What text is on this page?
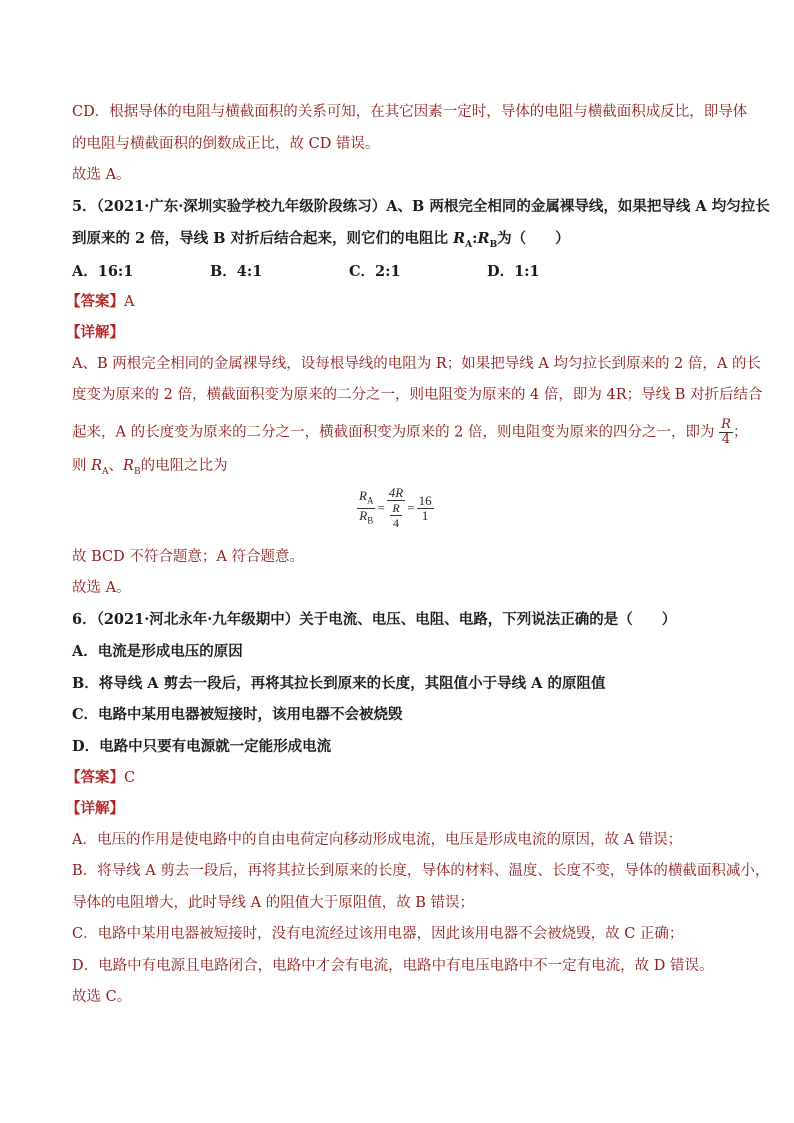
CD．根据导体的电阻与横截面积的关系可知，在其它因素一定时，导体的电阻与横截面积成反比，即导体

的电阻与横截面积的倒数成正比，故 CD 错误。

故选 A。

5．（2021·广东·深圳实验学校九年级阶段练习）A、B 两根完全相同的金属裸导线，如果把导线 A 均匀拉长

到原来的 2 倍，导线 B 对折后结合起来，则它们的电阻比 $R_A:R_B$为（　　）

A．16:1	B．4:1	C．2:1	D．1:1

【答案】A

【详解】

A、B 两根完全相同的金属裸导线，设每根导线的电阻为 R；如果把导线 A 均匀拉长到原来的 2 倍，A 的长

度变为原来的 2 倍，横截面积变为原来的二分之一，则电阻变为原来的 4 倍，即为 4R；导线 B 对折后结合

起来，A 的长度变为原来的二分之一，横截面积变为原来的 2 倍，则电阻变为原来的四分之一，即为 $\frac{R}{4}$ ；

则 $R_A$、$R_B$的电阻之比为

$\frac{R_A}{R_B} = \frac{4R}{\frac{R}{4}} = \frac{16}{1}$

故 BCD 不符合题意；A 符合题意。

故选 A。

6．（2021·河北永年·九年级期中）关于电流、电压、电阻、电路，下列说法正确的是（　　）

A．电流是形成电压的原因

B．将导线 A 剪去一段后，再将其拉长到原来的长度，其阻值小于导线 A 的原阻值

C．电路中某用电器被短接时，该用电器不会被烧毁

D．电路中只要有电源就一定能形成电流

【答案】C

【详解】

A．电压的作用是使电路中的自由电荷定向移动形成电流，电压是形成电流的原因，故 A 错误；

B．将导线 A 剪去一段后，再将其拉长到原来的长度，导体的材料、温度、长度不变，导体的横截面积减小，

导体的电阻增大，此时导线 A 的阻值大于原阻值，故 B 错误；

C．电路中某用电器被短接时，没有电流经过该用电器，因此该用电器不会被烧毁，故 C 正确；

D．电路中有电源且电路闭合，电路中才会有电流，电路中有电压电路中不一定有电流，故 D 错误。

故选 C。
